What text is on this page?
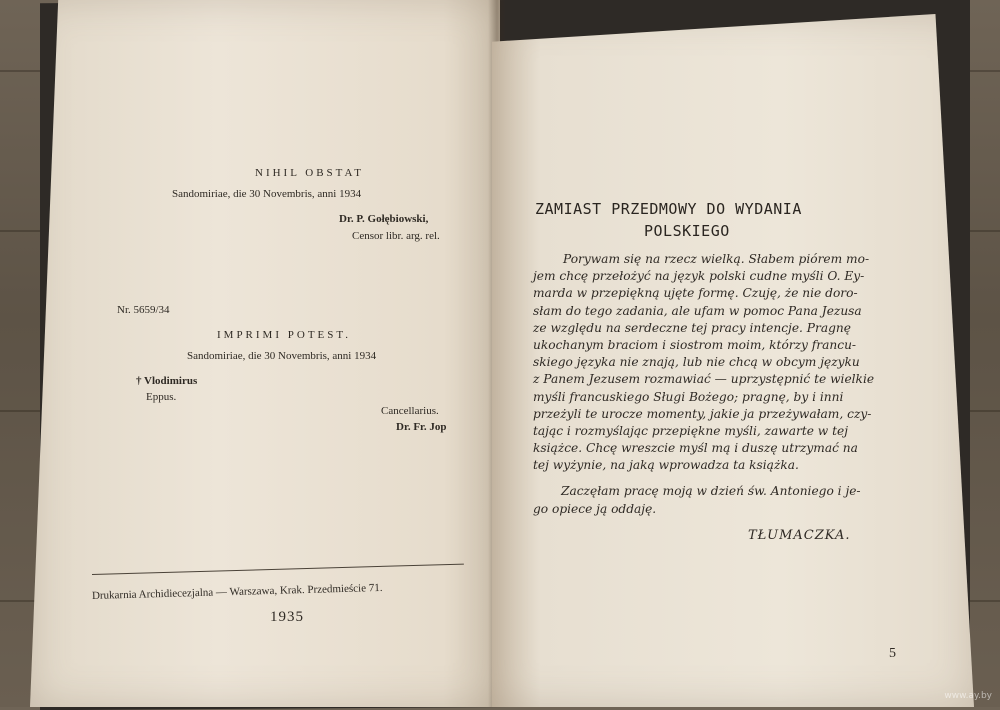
NIHIL OBSTAT
Sandomiriae, die 30 Novembris, anni 1934
Dr. P. Gołębiowski,
Censor libr. arg. rel.
Nr. 5659/34
IMPRIMI POTEST.
Sandomiriae, die 30 Novembris, anni 1934
† Vlodimirus
Eppus.
Cancellarius.
Dr. Fr. Jop
Drukarnia Archidiecezjalna — Warszawa, Krak. Przedmieście 71.
1935
ZAMIAST PRZEDMOWY DO WYDANIA
POLSKIEGO
Porywam się na rzecz wielką. Słabem piórem mo-
jem chcę przełożyć na język polski cudne myśli O. Ey-
marda w przepiękną ujęte formę. Czuję, że nie doro-
słam do tego zadania, ale ufam w pomoc Pana Jezusa
ze względu na serdeczne tej pracy intencje. Pragnę
ukochanym braciom i siostrom moim, którzy francu-
skiego języka nie znają, lub nie chcą w obcym języku
z Panem Jezusem rozmawiać — uprzystępnić te wielkie
myśli francuskiego Sługi Bożego; pragnę, by i inni
przeżyli te urocze momenty, jakie ja przeżywałam, czy-
tając i rozmyślając przepiękne myśli, zawarte w tej
książce. Chcę wreszcie myśl mą i duszę utrzymać na
tej wyżynie, na jaką wprowadza ta książka.
Zaczęłam pracę moją w dzień św. Antoniego i je-
go opiece ją oddaję.
TŁUMACZKA.
5
www.ay.by
